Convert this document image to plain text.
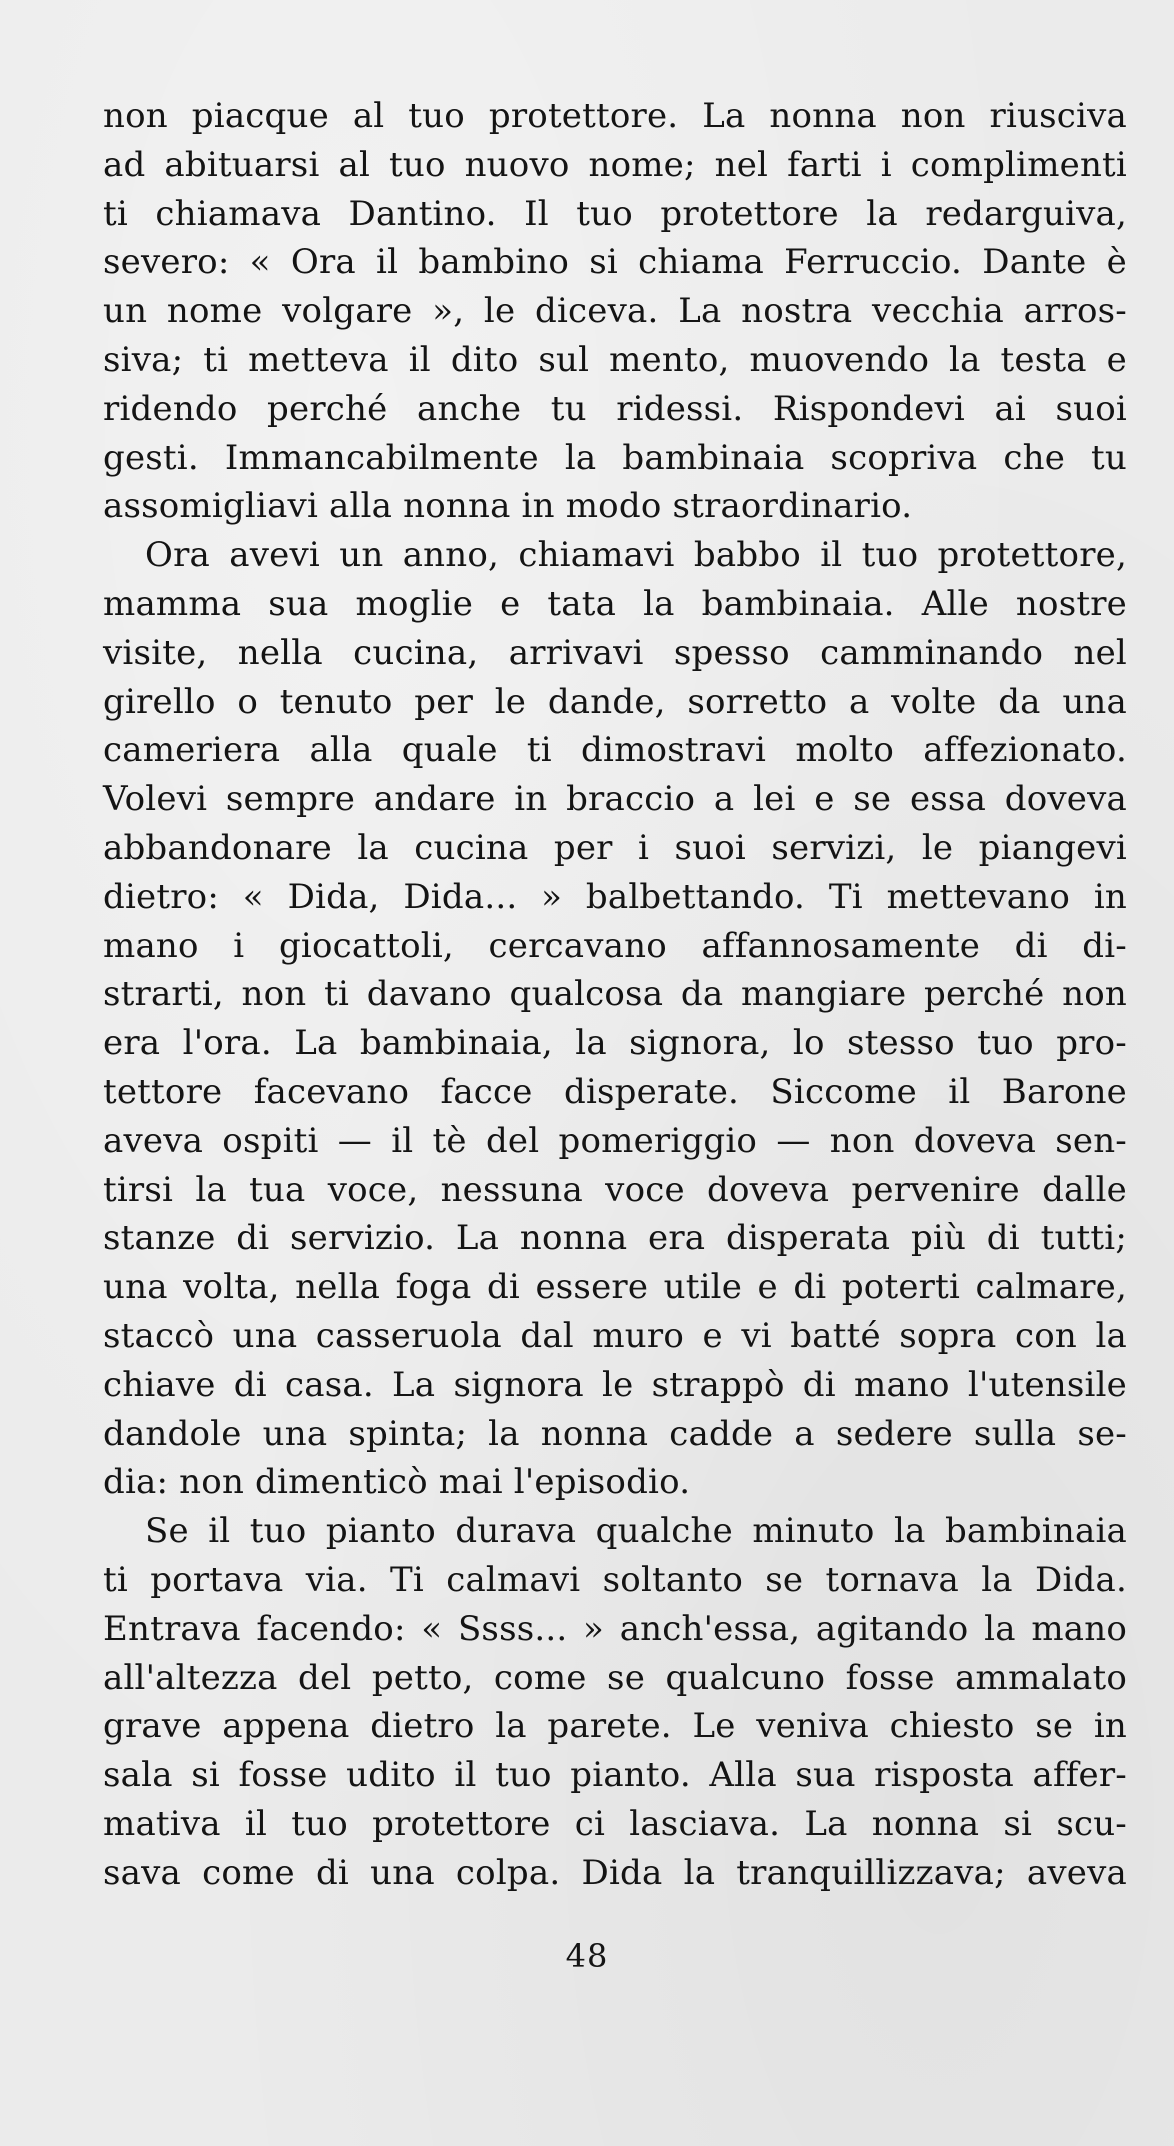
non piacque al tuo protettore. La nonna non riusciva
ad abituarsi al tuo nuovo nome; nel farti i complimenti
ti chiamava Dantino. Il tuo protettore la redarguiva,
severo: « Ora il bambino si chiama Ferruccio. Dante è
un nome volgare », le diceva. La nostra vecchia arros-
siva; ti metteva il dito sul mento, muovendo la testa e
ridendo perché anche tu ridessi. Rispondevi ai suoi
gesti. Immancabilmente la bambinaia scopriva che tu
assomigliavi alla nonna in modo straordinario.
Ora avevi un anno, chiamavi babbo il tuo protettore,
mamma sua moglie e tata la bambinaia. Alle nostre
visite, nella cucina, arrivavi spesso camminando nel
girello o tenuto per le dande, sorretto a volte da una
cameriera alla quale ti dimostravi molto affezionato.
Volevi sempre andare in braccio a lei e se essa doveva
abbandonare la cucina per i suoi servizi, le piangevi
dietro: « Dida, Dida... » balbettando. Ti mettevano in
mano i giocattoli, cercavano affannosamente di di-
strarti, non ti davano qualcosa da mangiare perché non
era l'ora. La bambinaia, la signora, lo stesso tuo pro-
tettore facevano facce disperate. Siccome il Barone
aveva ospiti — il tè del pomeriggio — non doveva sen-
tirsi la tua voce, nessuna voce doveva pervenire dalle
stanze di servizio. La nonna era disperata più di tutti;
una volta, nella foga di essere utile e di poterti calmare,
staccò una casseruola dal muro e vi batté sopra con la
chiave di casa. La signora le strappò di mano l'utensile
dandole una spinta; la nonna cadde a sedere sulla se-
dia: non dimenticò mai l'episodio.
Se il tuo pianto durava qualche minuto la bambinaia
ti portava via. Ti calmavi soltanto se tornava la Dida.
Entrava facendo: « Ssss... » anch'essa, agitando la mano
all'altezza del petto, come se qualcuno fosse ammalato
grave appena dietro la parete. Le veniva chiesto se in
sala si fosse udito il tuo pianto. Alla sua risposta affer-
mativa il tuo protettore ci lasciava. La nonna si scu-
sava come di una colpa. Dida la tranquillizzava; aveva
48
